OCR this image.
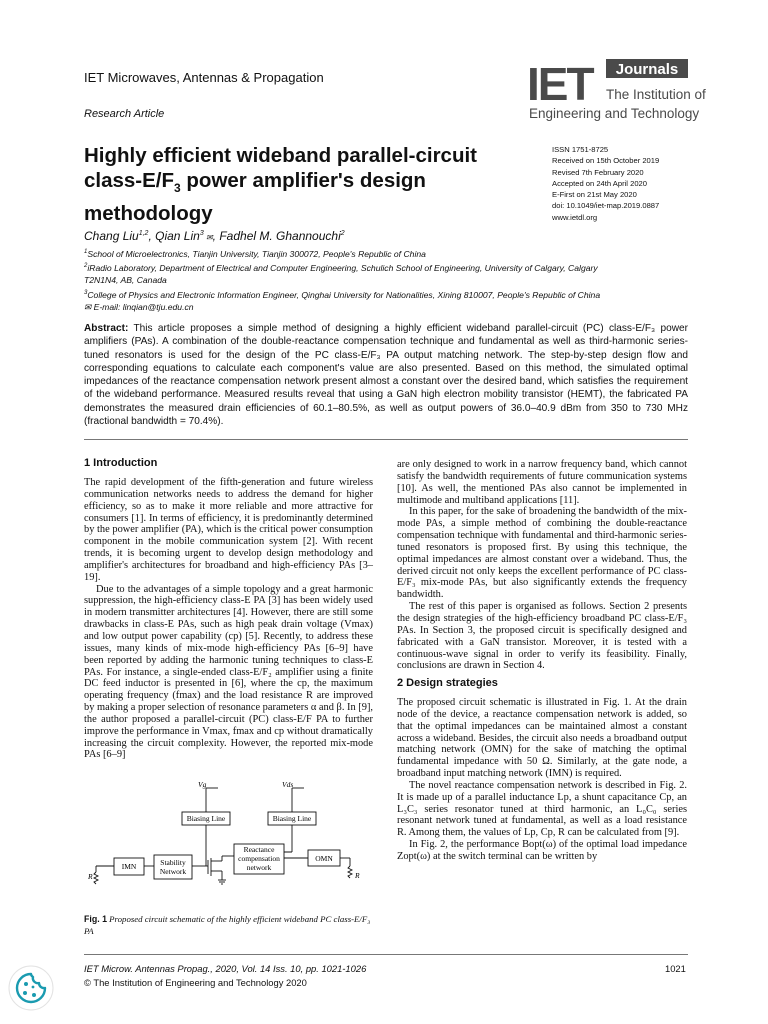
IET Microwaves, Antennas & Propagation
Research Article
IET Journals
The Institution of
Engineering and Technology
Highly efficient wideband parallel-circuit
class-$E/F_3$ power amplifier's design
methodology
ISSN 1751-8725
Received on 15th October 2019
Revised 7th February 2020
Accepted on 24th April 2020
E-First on 21st May 2020
doi: 10.1049/iet-map.2019.0887
www.ietdl.org
Chang Liu$^{1,2}$, Qian Lin$^3$ ✉, Fadhel M. Ghannouchi$^2$
$^1$School of Microelectronics, Tianjin University, Tianjin 300072, People's Republic of China
$^2$iRadio Laboratory, Department of Electrical and Computer Engineering, Schulich School of Engineering, University of Calgary, Calgary
T2N1N4, AB, Canada
$^3$College of Physics and Electronic Information Engineer, Qinghai University for Nationalities, Xining 810007, People's Republic of China
✉ E-mail: linqian@tju.edu.cn
Abstract: This article proposes a simple method of designing a highly efficient wideband parallel-circuit (PC) class-E/F₃ power amplifiers (PAs). A combination of the double-reactance compensation technique and fundamental as well as third-harmonic series-tuned resonators is used for the design of the PC class-E/F₃ PA output matching network. The step-by-step design flow and corresponding equations to calculate each component's value are also presented. Based on this method, the simulated optimal impedances of the reactance compensation network present almost a constant over the desired band, which satisfies the requirement of the wideband performance. Measured results reveal that using a GaN high electron mobility transistor (HEMT), the fabricated PA demonstrates the measured drain efficiencies of 60.1–80.5%, as well as output powers of 36.0–40.9 dBm from 350 to 730 MHz (fractional bandwidth = 70.4%).
1 Introduction

The rapid development of the fifth-generation and future wireless communication networks needs to address the demand for higher efficiency, so as to make it more reliable and more attractive for consumers [1]. In terms of efficiency, it is predominantly determined by the power amplifier (PA), which is the critical power consumption component in the mobile communication system [2]. With recent trends, it is becoming urgent to develop design methodology and amplifier's architectures for broadband and high-efficiency PAs [3–19].

Due to the advantages of a simple topology and a great harmonic suppression, the high-efficiency class-E PA [3] has been widely used in modern transmitter architectures [4]. However, there are still some drawbacks in class-E PAs, such as high peak drain voltage (Vmax) and low output power capability (cp) [5]. Recently, to address these issues, many kinds of mix-mode high-efficiency PAs [6–9] have been reported by adding the harmonic tuning techniques to class-E PAs. For instance, a single-ended class-E/F₂ amplifier using a finite DC feed inductor is presented in [6], where the cp, the maximum operating frequency (fmax) and the load resistance R are improved by making a proper selection of resonance parameters α and β. In [9], the author proposed a parallel-circuit (PC) class-E/F PA to further improve the performance in Vmax, fmax and cp without dramatically increasing the circuit complexity. However, the reported mix-mode PAs [6–9]

are only designed to work in a narrow frequency band, which cannot satisfy the bandwidth requirements of future communication systems [10]. As well, the mentioned PAs also cannot be implemented in multimode and multiband applications [11].

In this paper, for the sake of broadening the bandwidth of the mix-mode PAs, a simple method of combining the double-reactance compensation technique with fundamental and third-harmonic series-tuned resonators is proposed first. By using this technique, the optimal impedances are almost constant over a wideband. Thus, the derived circuit not only keeps the excellent performance of PC class-E/F₃ mix-mode PAs, but also significantly extends the frequency bandwidth.

The rest of this paper is organised as follows. Section 2 presents the design strategies of the high-efficiency broadband PC class-E/F₃ PAs. In Section 3, the proposed circuit is specifically designed and fabricated with a GaN transistor. Moreover, it is tested with a continuous-wave signal in order to verify its feasibility. Finally, conclusions are drawn in Section 4.

2 Design strategies

The proposed circuit schematic is illustrated in Fig. 1. At the drain node of the device, a reactance compensation network is added, so that the optimal impedances can be maintained almost a constant across a wideband. Besides, the circuit also needs a broadband output matching network (OMN) for the sake of matching the optimal fundamental impedance with 50 Ω. Similarly, at the gate node, a broadband input matching network (IMN) is required.

The novel reactance compensation network is described in Fig. 2. It is made up of a parallel inductance Lp, a shunt capacitance Cp, an L₃C₃ series resonator tuned at third harmonic, an L₀C₀ series resonant network tuned at fundamental, as well as a load resistance R. Among them, the values of Lp, Cp, R can be calculated from [9].

In Fig. 2, the performance Bopt(ω) of the optimal load impedance Zopt(ω) at the switch terminal can be written by

Vg	Vds
Biasing Line	Biasing Line
IMN	Stability
Network
Reactance
compensation
network
OMN
R	R
Fig. 1 Proposed circuit schematic of the highly efficient wideband PC class-E/F₃ PA
IET Microw. Antennas Propag., 2020, Vol. 14 Iss. 10, pp. 1021-1026
© The Institution of Engineering and Technology 2020
1021
